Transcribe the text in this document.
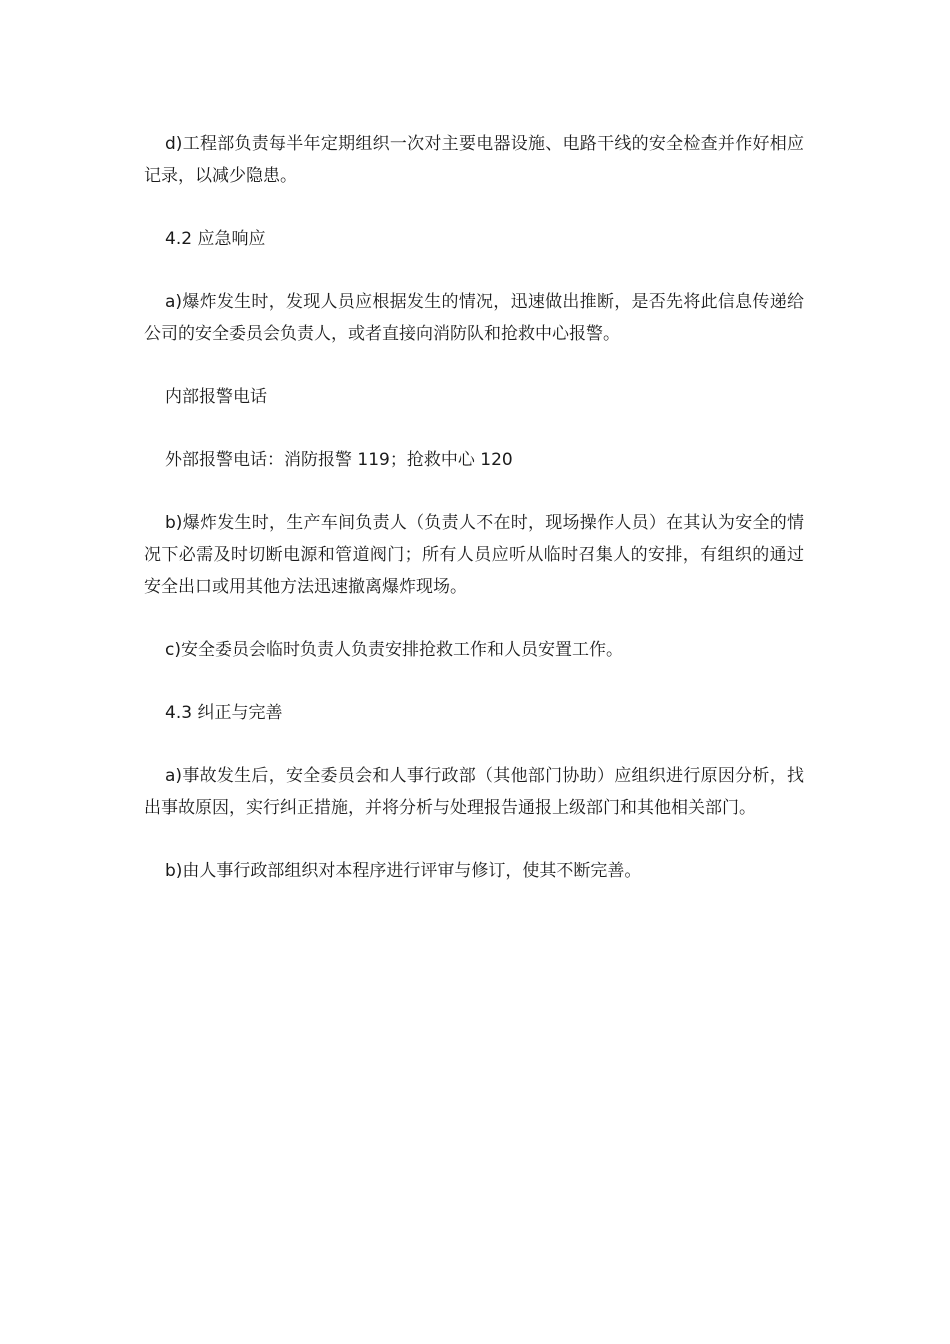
d)工程部负责每半年定期组织一次对主要电器设施、电路干线的安全检查并作好相应记录，以减少隐患。

4.2 应急响应

a)爆炸发生时，发现人员应根据发生的情况，迅速做出推断，是否先将此信息传递给公司的安全委员会负责人，或者直接向消防队和抢救中心报警。

内部报警电话

外部报警电话：消防报警 119；抢救中心 120

b)爆炸发生时，生产车间负责人（负责人不在时，现场操作人员）在其认为安全的情况下必需及时切断电源和管道阀门；所有人员应听从临时召集人的安排，有组织的通过安全出口或用其他方法迅速撤离爆炸现场。

c)安全委员会临时负责人负责安排抢救工作和人员安置工作。

4.3 纠正与完善

a)事故发生后，安全委员会和人事行政部（其他部门协助）应组织进行原因分析，找出事故原因，实行纠正措施，并将分析与处理报告通报上级部门和其他相关部门。

b)由人事行政部组织对本程序进行评审与修订，使其不断完善。
